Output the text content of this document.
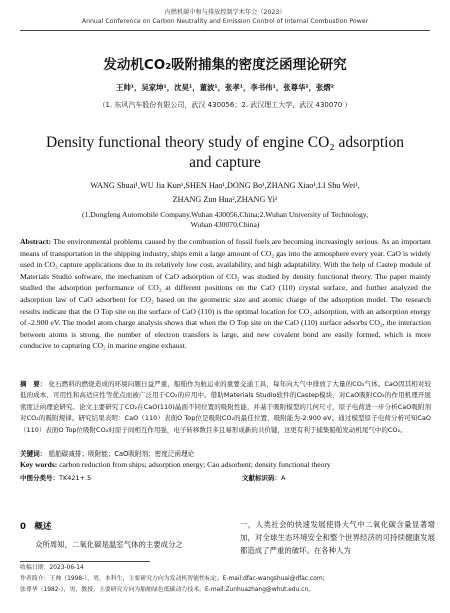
内燃机碳中和与排放控制学术年会（2023）
Annual Conference on Carbon Neutrality and Emission Control of Internal Combustion Power
发动机CO₂吸附捕集的密度泛函理论研究
王帅¹，吴家坤¹，沈昊¹，董波¹，张孝¹，李书伟¹，张尊华²，张熠²
（1. 东风汽车股份有限公司，武汉 430056；2. 武汉理工大学，武汉 430070 ）
Density functional theory study of engine CO₂ adsorption and capture
WANG Shuai¹,WU Jia Kun¹,SHEN Hao¹,DONG Bo¹,ZHANG Xiao¹,LI Shu Wei¹,
ZHANG Zun Hua²,ZHANG Yi²
(1.Dongfeng Automobile Company,Wuhan 430056,China;2.Wuhan University of Technology,
Wuhan 430070,China)
Abstract: The environmental problems caused by the combustion of fossil fuels are becoming increasingly serious. As an important means of transportation in the shipping industry, ships emit a large amount of CO₂ gas into the atmosphere every year. CaO is widely used in CO₂ capture applications due to its relatively low cost, availability, and high adaptability. With the help of Castep module of Materials Studio software, the mechanism of CaO adsorption of CO₂ was studied by density functional theory. The paper mainly studied the adsorption performance of CO₂ at different positions on the CaO (110) crystal surface, and further analyzed the adsorption law of CaO adsorbent for CO₂ based on the geometric size and atomic charge of the adsorption model. The research results indicate that the O Top site on the surface of CaO (110) is the optimal location for CO₂ adsorption, with an adsorption energy of -2.900 eV. The model atom charge analysis shows that when the O Top site on the CaO (110) surface adsorbs CO₂, the interaction between atoms is strong, the number of electron transfers is large, and new covalent bond are easily formed, which is more conducive to capturing CO₂ in marine engine exhaust.
摘　要： 化石燃料的燃烧造成的环境问题日益严重，船舶作为航运业的重要交通工具，每年向大气中排放了大量的CO₂气体。CaO因其相对较低的成本、可用性和高适应性等优点而被广泛用于CO₂的应用中。借助Materials Studio软件的Castep模块，对CaO吸附CO₂的作用机理开展密度泛函理论研究。论文主要研究了CO₂在CaO(110)晶面不同位置的吸附性能，并基于吸附模型的几何尺寸，原子电荷进一步分析CaO吸附剂对CO₂的吸附规律。研究结果表明：CaO（110）表面O Top位是吸附CO₂的最佳位置，吸附能为-2.900 eV。通过模型原子电荷分析可知CaO（110）表面O Top位吸附CO₂时原子间相互作用强，电子转移数目多且易形成新的共价键，这更有利于捕集船舶发动机尾气中的CO₂。
关键词： 船舶碳减排；吸附能；CaO吸附剂；密度泛函理论
Key words: carbon reduction from ships; adsorption energy; Cao adsorbent; density functional theory
中图分类号：TK421+.5	文献标识码：A
0　概述
众所周知，二氧化碳是温室气体的主要成分之
一，人类社会的快速发展使得大气中二氧化碳含量显著增加，对全球生态环境安全和整个世界经济的可持续健康发展都造成了严重的破坏。在各种人为
收稿日期：2023-06-14
作者简介：王帅（1998-），男，本科生，主要研究方向为发动机智能性标定。E-mail:dfac-wangshuai@dfac.com;
张尊华（1982-），男，教授，主要研究方向为船舶绿色低碳动力技术。E-mail:Zunhuazhang@whut.edu.cn。
